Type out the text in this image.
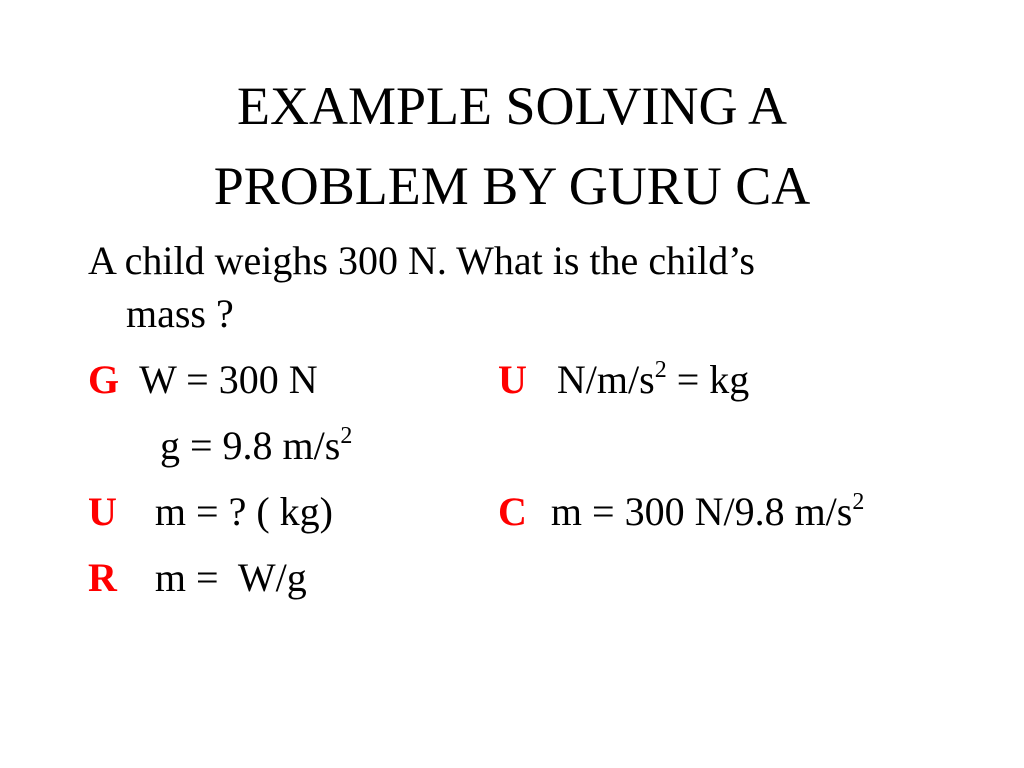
EXAMPLE SOLVING A
PROBLEM BY GURU CA
A child weighs 300 N. What is the child’s
mass ?
G W = 300 N	U $N/m/s^2$ = kg
g = 9.8 $m/s^2$
U m = ? ( kg)	C m = 300 N/9.8 $m/s^2$
R m =  W/g
